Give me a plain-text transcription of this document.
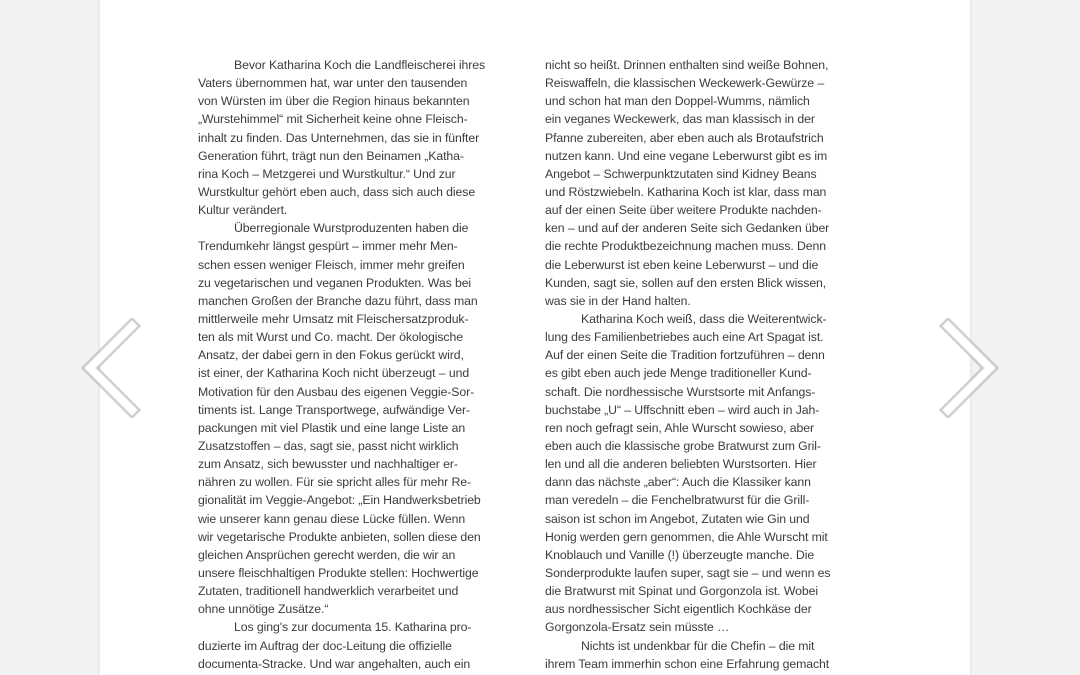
Bevor Katharina Koch die Landfleischerei ihres
Vaters übernommen hat, war unter den tausenden
von Würsten im über die Region hinaus bekannten
„Wurstehimmel“ mit Sicherheit keine ohne Fleisch-
inhalt zu finden. Das Unternehmen, das sie in fünfter
Generation führt, trägt nun den Beinamen „Katha-
rina Koch – Metzgerei und Wurstkultur.“ Und zur
Wurstkultur gehört eben auch, dass sich auch diese
Kultur verändert.
Überregionale Wurstproduzenten haben die
Trendumkehr längst gespürt – immer mehr Men-
schen essen weniger Fleisch, immer mehr greifen
zu vegetarischen und veganen Produkten. Was bei
manchen Großen der Branche dazu führt, dass man
mittlerweile mehr Umsatz mit Fleischersatzproduk-
ten als mit Wurst und Co. macht. Der ökologische
Ansatz, der dabei gern in den Fokus gerückt wird,
ist einer, der Katharina Koch nicht überzeugt – und
Motivation für den Ausbau des eigenen Veggie-Sor-
timents ist. Lange Transportwege, aufwändige Ver-
packungen mit viel Plastik und eine lange Liste an
Zusatzstoffen – das, sagt sie, passt nicht wirklich
zum Ansatz, sich bewusster und nachhaltiger er-
nähren zu wollen. Für sie spricht alles für mehr Re-
gionalität im Veggie-Angebot: „Ein Handwerksbetrieb
wie unserer kann genau diese Lücke füllen. Wenn
wir vegetarische Produkte anbieten, sollen diese den
gleichen Ansprüchen gerecht werden, die wir an
unsere fleischhaltigen Produkte stellen: Hochwertige
Zutaten, traditionell handwerklich verarbeitet und
ohne unnötige Zusätze.“
Los ging's zur documenta 15. Katharina pro-
duzierte im Auftrag der doc-Leitung die offizielle
documenta-Stracke. Und war angehalten, auch ein
nicht so heißt. Drinnen enthalten sind weiße Bohnen,
Reiswaffeln, die klassischen Weckewerk-Gewürze –
und schon hat man den Doppel-Wumms, nämlich
ein veganes Weckewerk, das man klassisch in der
Pfanne zubereiten, aber eben auch als Brotaufstrich
nutzen kann. Und eine vegane Leberwurst gibt es im
Angebot – Schwerpunktzutaten sind Kidney Beans
und Röstzwiebeln. Katharina Koch ist klar, dass man
auf der einen Seite über weitere Produkte nachden-
ken – und auf der anderen Seite sich Gedanken über
die rechte Produktbezeichnung machen muss. Denn
die Leberwurst ist eben keine Leberwurst – und die
Kunden, sagt sie, sollen auf den ersten Blick wissen,
was sie in der Hand halten.
Katharina Koch weiß, dass die Weiterentwick-
lung des Familienbetriebes auch eine Art Spagat ist.
Auf der einen Seite die Tradition fortzuführen – denn
es gibt eben auch jede Menge traditioneller Kund-
schaft. Die nordhessische Wurstsorte mit Anfangs-
buchstabe „U“ – Uffschnitt eben – wird auch in Jah-
ren noch gefragt sein, Ahle Wurscht sowieso, aber
eben auch die klassische grobe Bratwurst zum Gril-
len und all die anderen beliebten Wurstsorten. Hier
dann das nächste „aber“: Auch die Klassiker kann
man veredeln – die Fenchelbratwurst für die Grill-
saison ist schon im Angebot, Zutaten wie Gin und
Honig werden gern genommen, die Ahle Wurscht mit
Knoblauch und Vanille (!) überzeugte manche. Die
Sonderprodukte laufen super, sagt sie – und wenn es
die Bratwurst mit Spinat und Gorgonzola ist. Wobei
aus nordhessischer Sicht eigentlich Kochkäse der
Gorgonzola-Ersatz sein müsste …
Nichts ist undenkbar für die Chefin – die mit
ihrem Team immerhin schon eine Erfahrung gemacht
